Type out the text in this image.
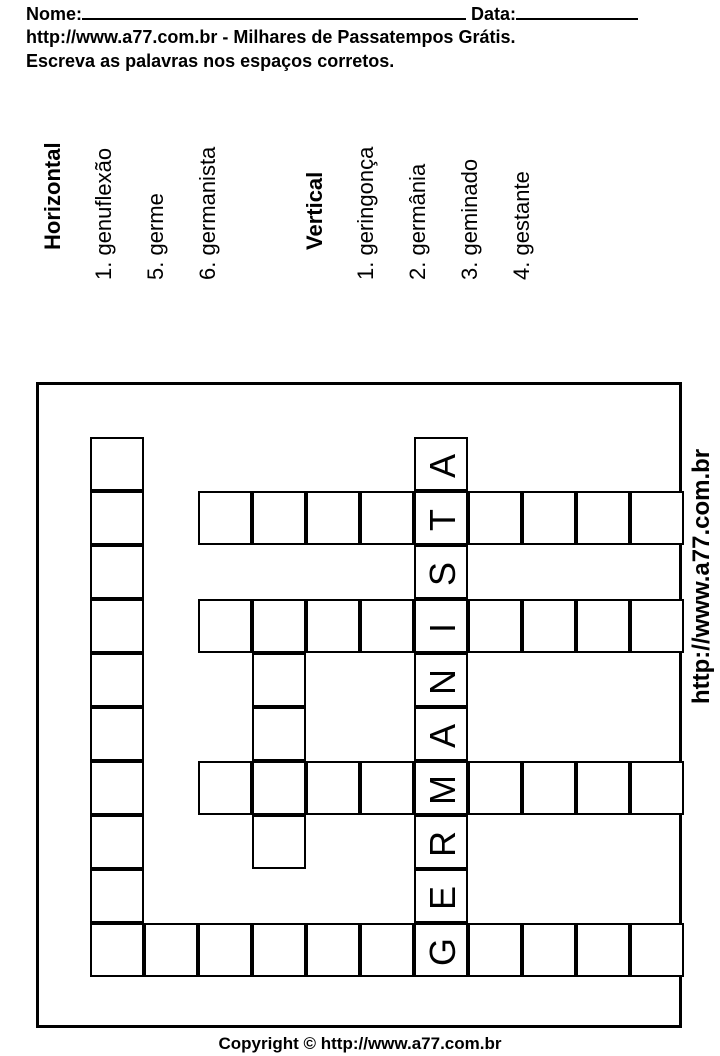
Nome:	Data:
http://www.a77.com.br - Milhares de Passatempos Grátis.
Escreva as palavras nos espaços corretos.
Horizontal 1. genuflexão 5. germe 6. germanista	Vertical 1. geringonça 2. germânia 3. geminado 4. gestante
G
T
I
M
A
S
N
A
R
E
http://www.a77.com.br
Copyright © http://www.a77.com.br
